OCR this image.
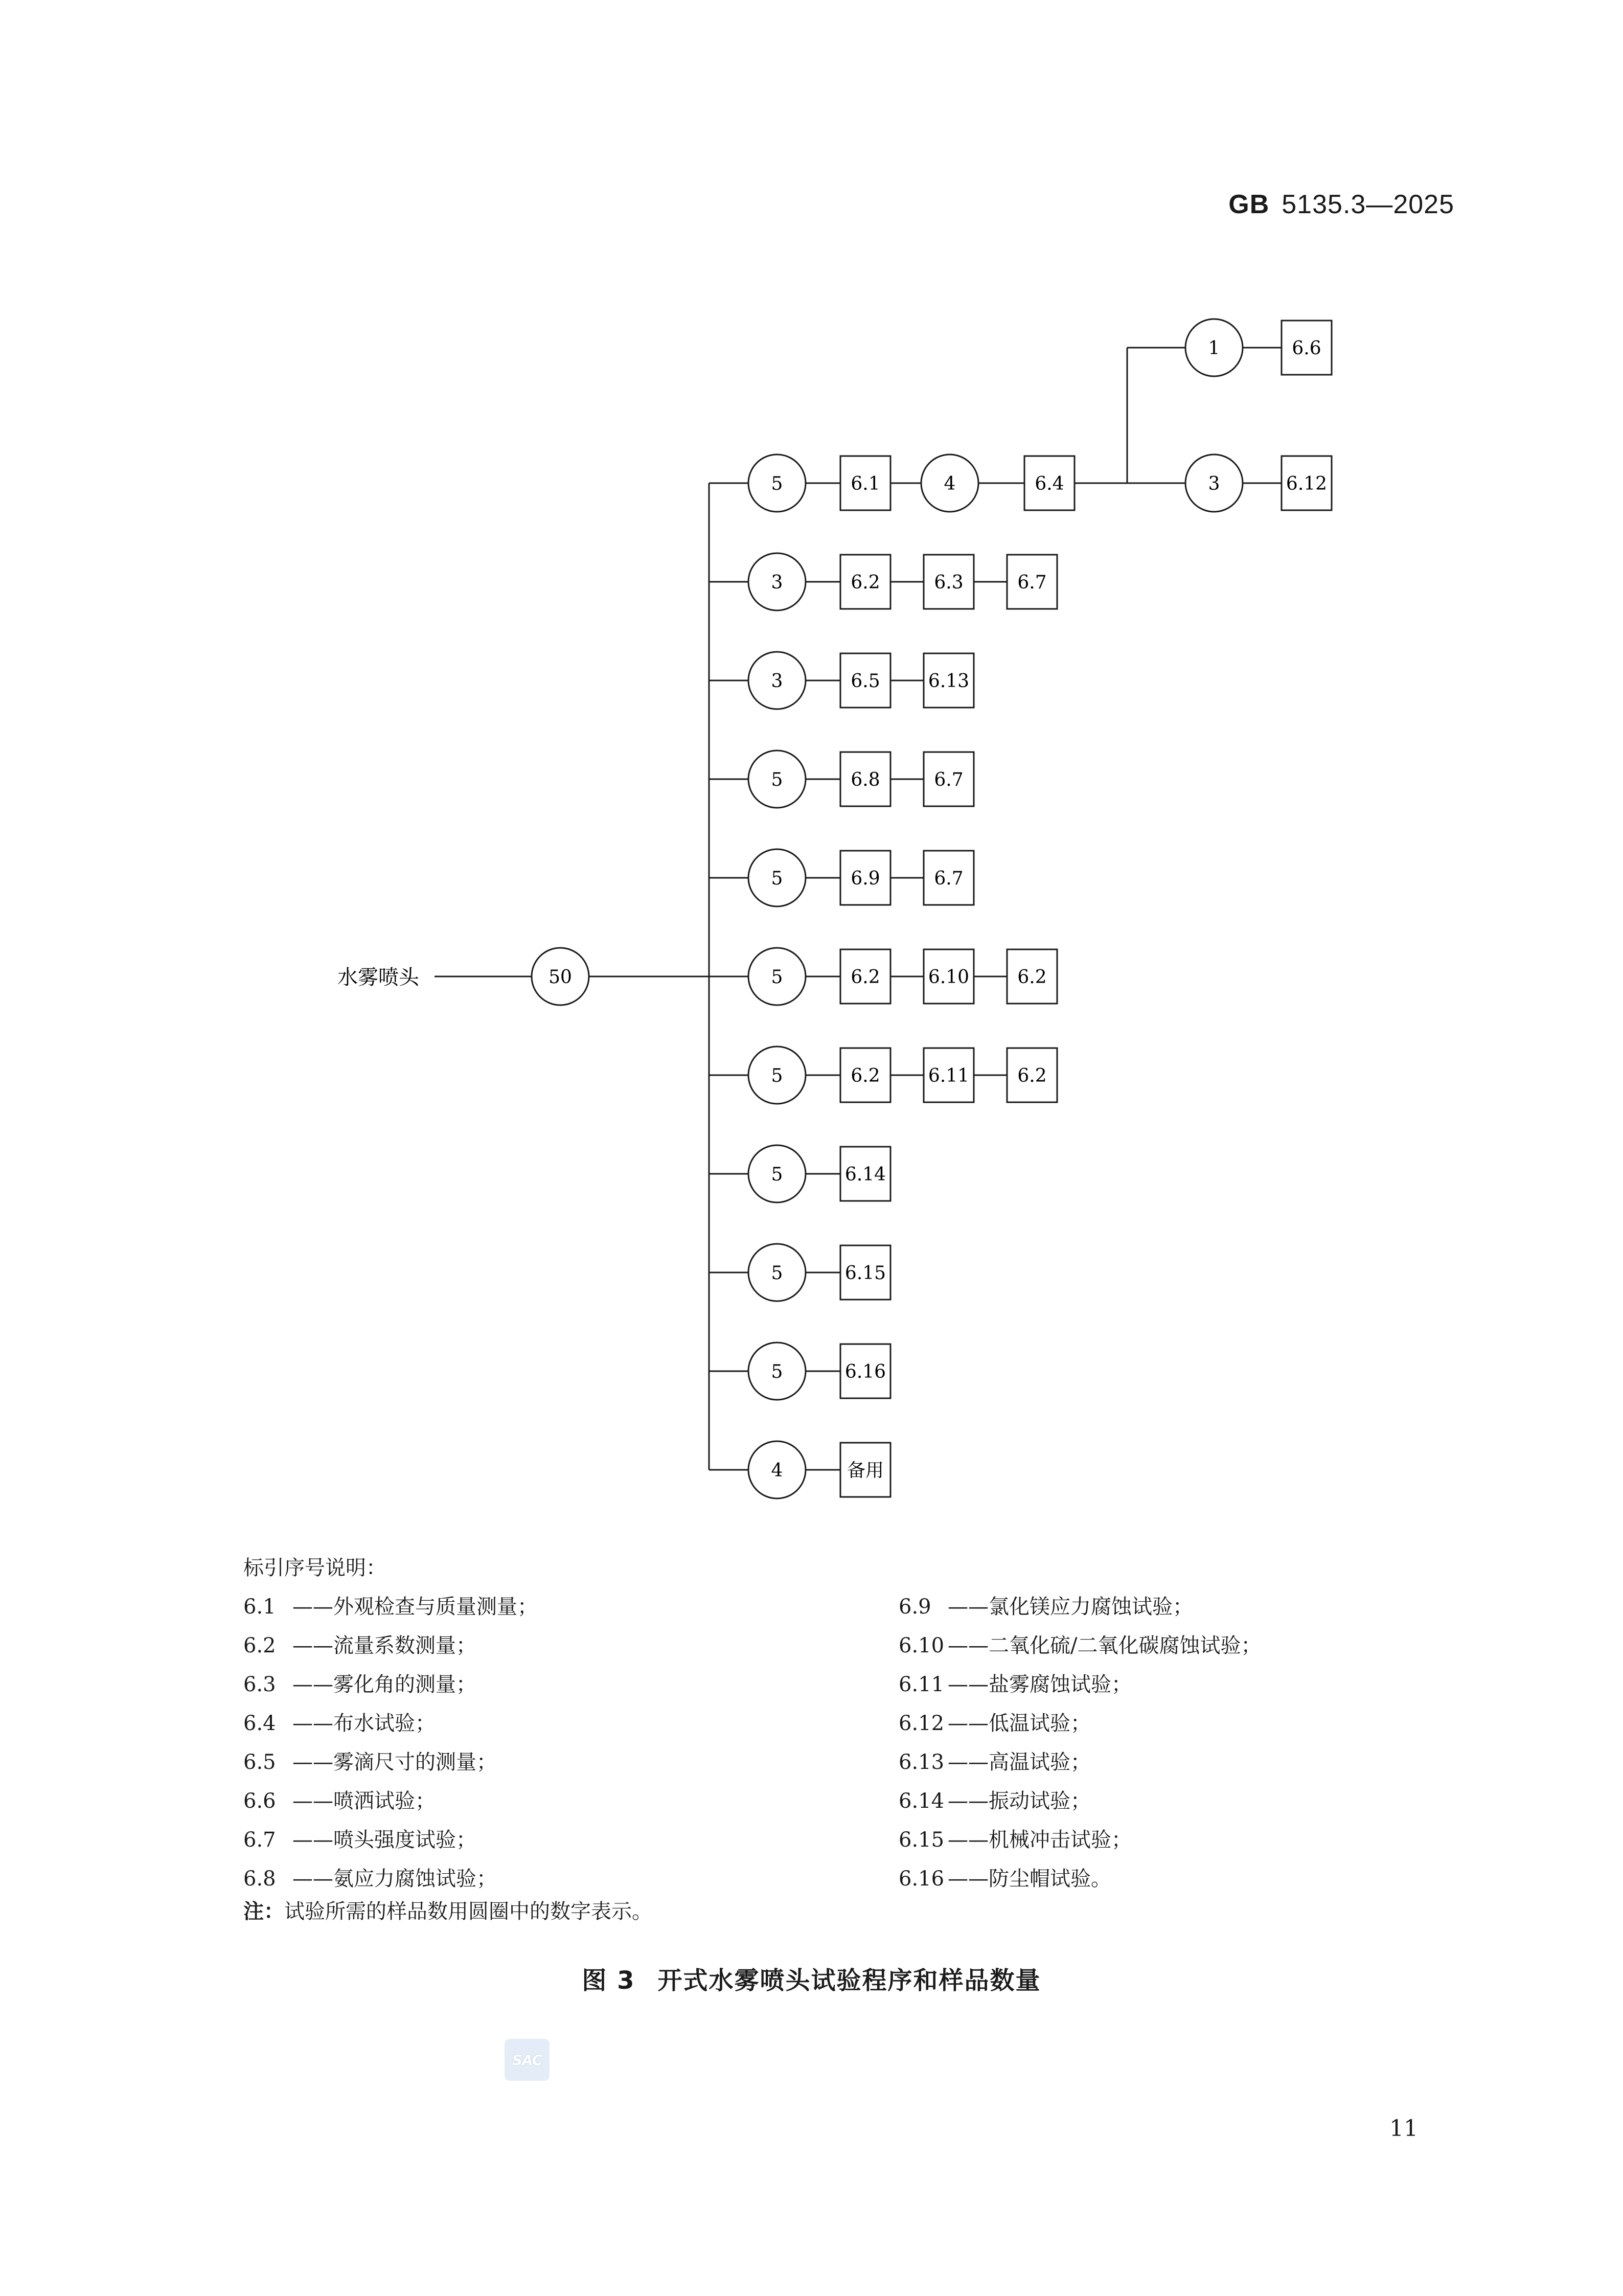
GB 5135.3—2025
水雾喷头	50
5	6.1
3	6.2	6.3	6.7
3	6.5	6.13
5	6.8	6.7
5	6.9	6.7
5	6.2	6.10	6.2
5	6.2	6.11	6.2
5	6.14
5	6.15
5	6.16
4	备用
4	6.4
1	6.6
3	6.12
标引序号说明：
6.1 ——外观检查与质量测量；
6.2 ——流量系数测量；
6.3 ——雾化角的测量；
6.4 ——布水试验；
6.5 ——雾滴尺寸的测量；
6.6 ——喷洒试验；
6.7 ——喷头强度试验；
6.8 ——氨应力腐蚀试验；
6.9 ——氯化镁应力腐蚀试验；
6.10 ——二氧化硫/二氧化碳腐蚀试验；
6.11 ——盐雾腐蚀试验；
6.12 ——低温试验；
6.13 ——高温试验；
6.14 ——振动试验；
6.15 ——机械冲击试验；
6.16 ——防尘帽试验。
注：试验所需的样品数用圆圈中的数字表示。
图 3 开式水雾喷头试验程序和样品数量
SAC
11
